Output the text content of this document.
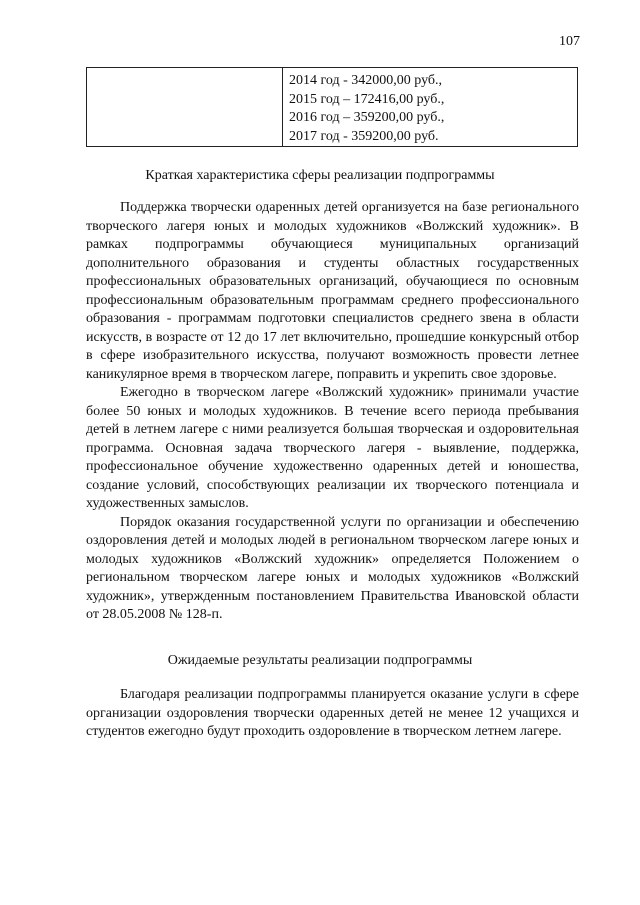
107

2014 год - 342000,00 руб.,
2015 год – 172416,00 руб.,
2016 год – 359200,00 руб.,
2017 год - 359200,00 руб.
Краткая характеристика сферы реализации подпрограммы

Поддержка творчески одаренных детей организуется на базе регионального творческого лагеря юных и молодых художников «Волжский художник». В рамках подпрограммы обучающиеся муниципальных организаций дополнительного образования и студенты областных государственных профессиональных образовательных организаций, обучающиеся по основным профессиональным образовательным программам среднего профессионального образования - программам подготовки специалистов среднего звена в области искусств, в возрасте от 12 до 17 лет включительно, прошедшие конкурсный отбор в сфере изобразительного искусства, получают возможность провести летнее каникулярное время в творческом лагере, поправить и укрепить свое здоровье.

Ежегодно в творческом лагере «Волжский художник» принимали участие более 50 юных и молодых художников. В течение всего периода пребывания детей в летнем лагере с ними реализуется большая творческая и оздоровительная программа. Основная задача творческого лагеря - выявление, поддержка, профессиональное обучение художественно одаренных детей и юношества, создание условий, способствующих реализации их творческого потенциала и художественных замыслов.

Порядок оказания государственной услуги по организации и обеспечению оздоровления детей и молодых людей в региональном творческом лагере юных и молодых художников «Волжский художник» определяется Положением о региональном творческом лагере юных и молодых художников «Волжский художник», утвержденным постановлением Правительства Ивановской области от 28.05.2008 № 128-п.

Ожидаемые результаты реализации подпрограммы

Благодаря реализации подпрограммы планируется оказание услуги в сфере организации оздоровления творчески одаренных детей не менее 12 учащихся и студентов ежегодно будут проходить оздоровление в творческом летнем лагере.
